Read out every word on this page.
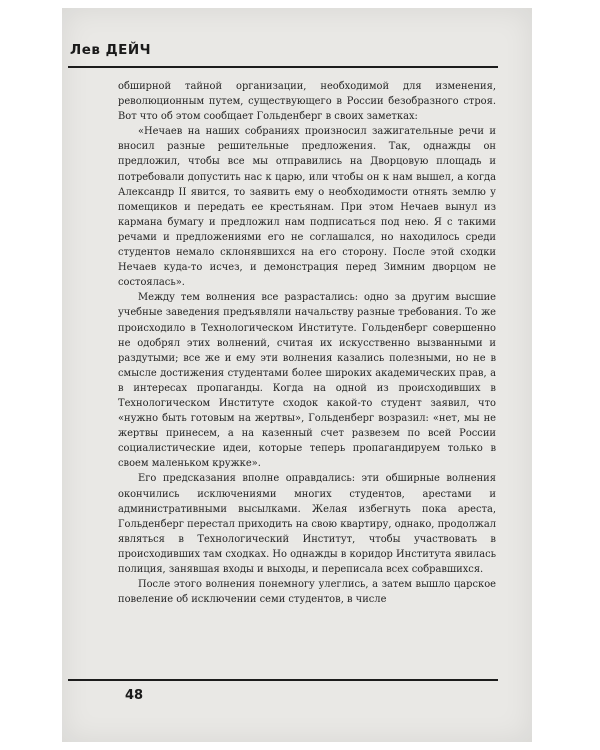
Лев ДЕЙЧ

обширной тайной организации, необходимой для изменения, революционным путем, существующего в России безобразного строя. Вот что об этом сообщает Гольденберг в своих заметках:

«Нечаев на наших собраниях произносил зажигательные речи и вносил разные решительные предложения. Так, однажды он предложил, чтобы все мы отправились на Дворцовую площадь и потребовали допустить нас к царю, или чтобы он к нам вышел, а когда Александр II явится, то заявить ему о необходимости отнять землю у помещиков и передать ее крестьянам. При этом Нечаев вынул из кармана бумагу и предложил нам подписаться под нею. Я с такими речами и предложениями его не соглашался, но находилось среди студентов немало склонявшихся на его сторону. После этой сходки Нечаев куда-то исчез, и демонстрация перед Зимним дворцом не состоялась».

Между тем волнения все разрастались: одно за другим высшие учебные заведения предъявляли начальству разные требования. То же происходило в Технологическом Институте. Гольденберг совершенно не одобрял этих волнений, считая их искусственно вызванными и раздутыми; все же и ему эти волнения казались полезными, но не в смысле достижения студентами более широких академических прав, а в интересах пропаганды. Когда на одной из происходивших в Технологическом Институте сходок какой-то студент заявил, что «нужно быть готовым на жертвы», Гольденберг возразил: «нет, мы не жертвы принесем, а на казенный счет развезем по всей России социалистические идеи, которые теперь пропагандируем только в своем маленьком кружке».

Его предсказания вполне оправдались: эти обширные волнения окончились исключениями многих студентов, арестами и административными высылками. Желая избегнуть пока ареста, Гольденберг перестал приходить на свою квартиру, однако, продолжал являться в Технологический Институт, чтобы участвовать в происходивших там сходках. Но однажды в коридор Института явилась полиция, занявшая входы и выходы, и переписала всех собравшихся.

После этого волнения понемногу улеглись, а затем вышло царское повеление об исключении семи студентов, в числе

48
